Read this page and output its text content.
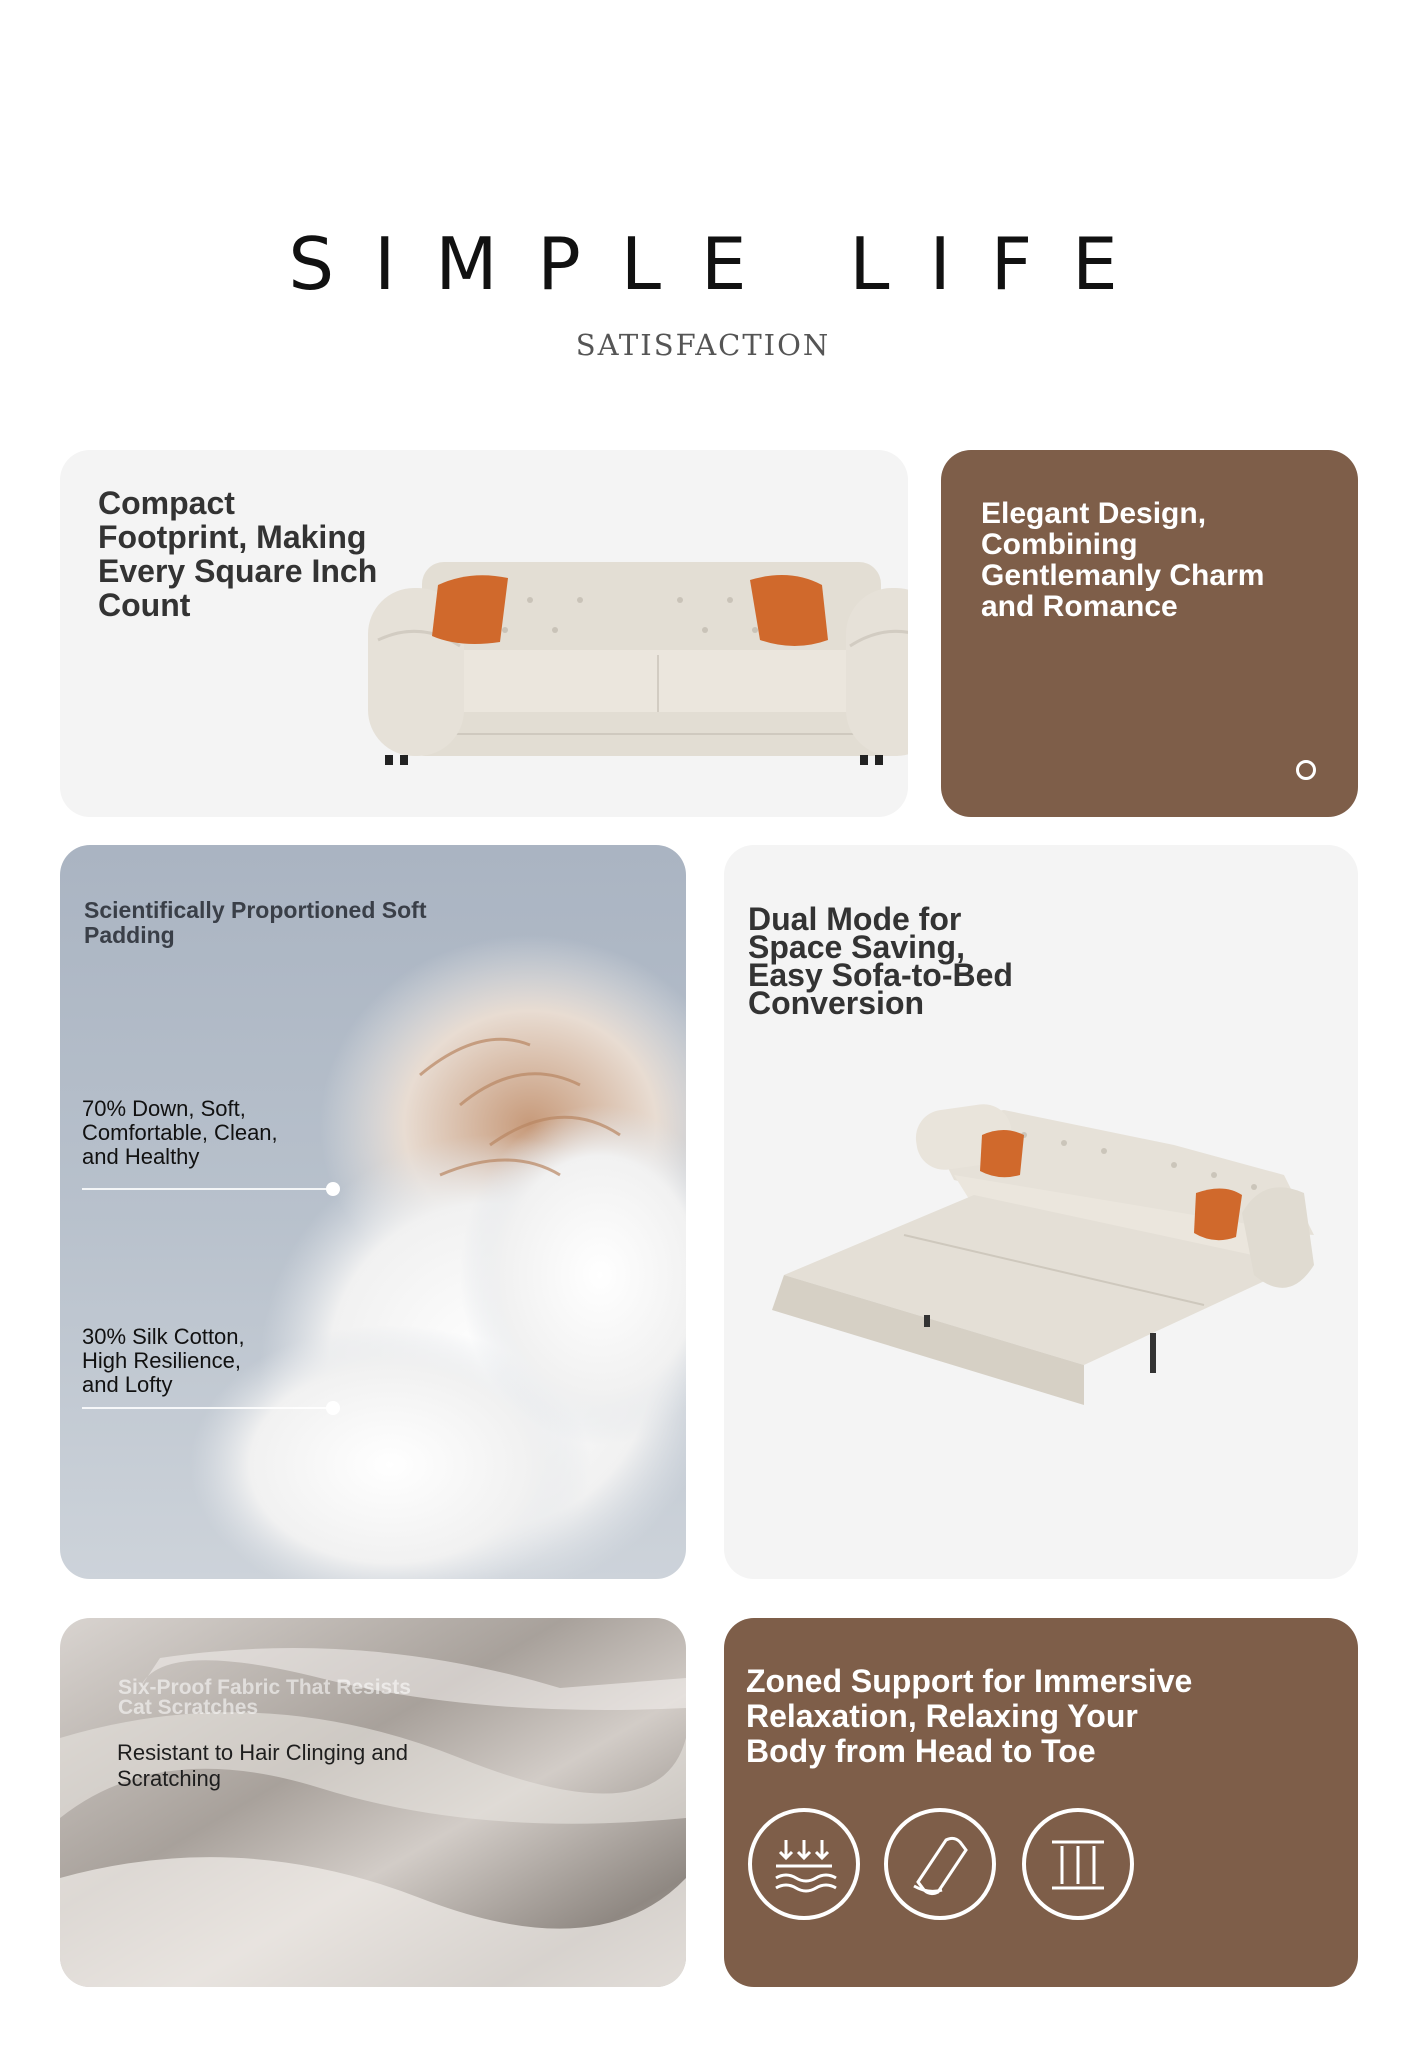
SIMPLE LIFE
SATISFACTION
Compact Footprint, Making Every Square Inch Count
Elegant Design, Combining Gentlemanly Charm and Romance
Scientifically Proportioned Soft Padding
70% Down, Soft, Comfortable, Clean, and Healthy
30% Silk Cotton, High Resilience, and Lofty
Dual Mode for Space Saving, Easy Sofa-to-Bed Conversion
Six-Proof Fabric That Resists Cat Scratches
Resistant to Hair Clinging and Scratching
Zoned Support for Immersive Relaxation, Relaxing Your Body from Head to Toe
